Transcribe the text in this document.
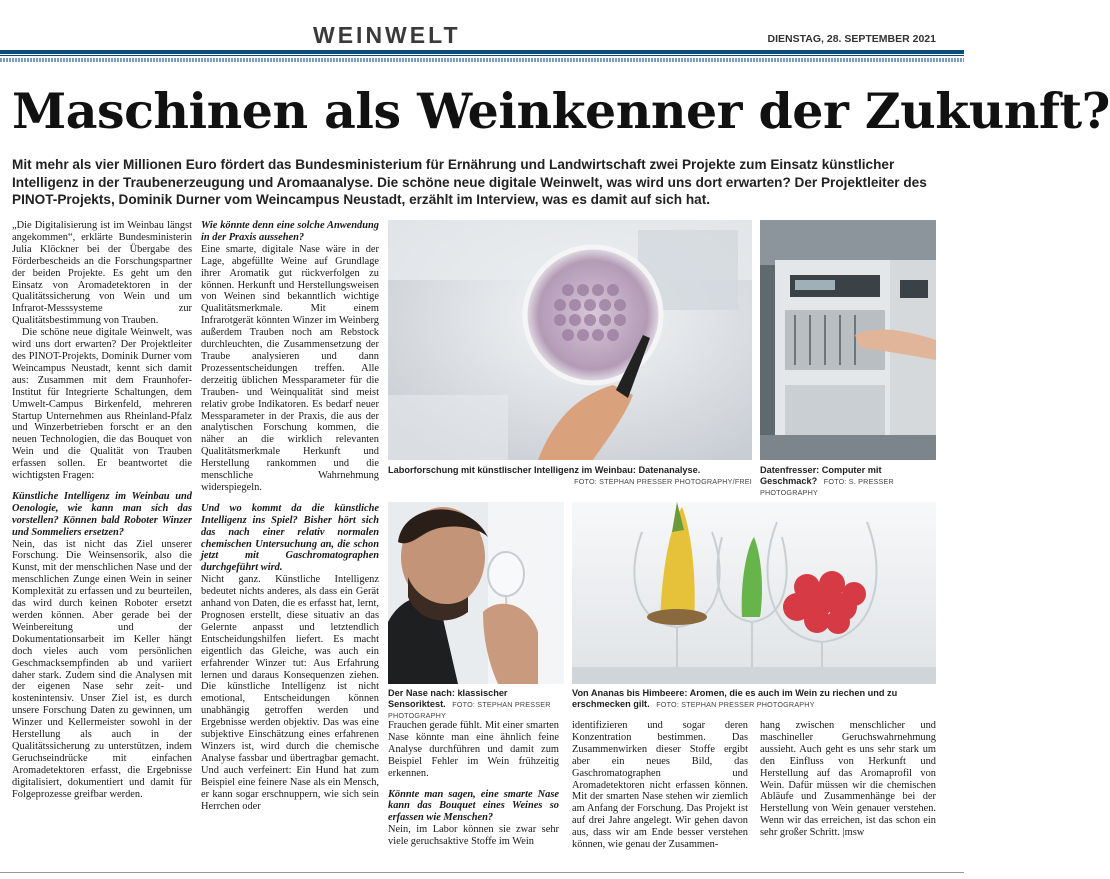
WEINWELT	DIENSTAG, 28. SEPTEMBER 2021
Maschinen als Weinkenner der Zukunft?
Mit mehr als vier Millionen Euro fördert das Bundesministerium für Ernährung und Landwirtschaft zwei Projekte zum Einsatz künstlicher Intelligenz in der Traubenerzeugung und Aromaanalyse. Die schöne neue digitale Weinwelt, was wird uns dort erwarten? Der Projektleiter des PINOT-Projekts, Dominik Durner vom Weincampus Neustadt, erzählt im Interview, was es damit auf sich hat.

„Die Digitalisierung ist im Weinbau längst angekommen“, erklärte Bundesministerin Julia Klöckner bei der Übergabe des Förderbescheids an die Forschungspartner der beiden Projekte. Es geht um den Einsatz von Aromadetektoren in der Qualitätssicherung von Wein und um Infrarot-Messsysteme zur Qualitätsbestimmung von Trauben.

Die schöne neue digitale Weinwelt, was wird uns dort erwarten? Der Projektleiter des PINOT-Projekts, Dominik Durner vom Weincampus Neustadt, kennt sich damit aus: Zusammen mit dem Fraunhofer-Institut für Integrierte Schaltungen, dem Umwelt-Campus Birkenfeld, mehreren Startup Unternehmen aus Rheinland-Pfalz und Winzerbetrieben forscht er an den neuen Technologien, die das Bouquet von Wein und die Qualität von Trauben erfassen sollen. Er beantwortet die wichtigsten Fragen:

Künstliche Intelligenz im Weinbau und Oenologie, wie kann man sich das vorstellen? Können bald Roboter Winzer und Sommeliers ersetzen?

Nein, das ist nicht das Ziel unserer Forschung. Die Weinsensorik, also die Kunst, mit der menschlichen Nase und der menschlichen Zunge einen Wein in seiner Komplexität zu erfassen und zu beurteilen, das wird durch keinen Roboter ersetzt werden können. Aber gerade bei der Weinbereitung und der Dokumentationsarbeit im Keller hängt doch vieles auch vom persönlichen Geschmacksempfinden ab und variiert daher stark. Zudem sind die Analysen mit der eigenen Nase sehr zeit- und kostenintensiv. Unser Ziel ist, es durch unsere Forschung Daten zu gewinnen, um Winzer und Kellermeister sowohl in der Herstellung als auch in der Qualitätssicherung zu unterstützen, indem Geruchseindrücke mit einfachen Aromadetektoren erfasst, die Ergebnisse digitalisiert, dokumentiert und damit für Folgeprozesse greifbar werden.

Wie könnte denn eine solche Anwendung in der Praxis aussehen?

Eine smarte, digitale Nase wäre in der Lage, abgefüllte Weine auf Grundlage ihrer Aromatik gut rückverfolgen zu können. Herkunft und Herstellungsweisen von Weinen sind bekanntlich wichtige Qualitätsmerkmale. Mit einem Infrarotgerät könnten Winzer im Weinberg außerdem Trauben noch am Rebstock durchleuchten, die Zusammensetzung der Traube analysieren und dann Prozessentscheidungen treffen. Alle derzeitig üblichen Messparameter für die Trauben- und Weinqualität sind meist relativ grobe Indikatoren. Es bedarf neuer Messparameter in der Praxis, die aus der analytischen Forschung kommen, die näher an die wirklich relevanten Qualitätsmerkmale Herkunft und Herstellung rankommen und die menschliche Wahrnehmung widerspiegeln.

Und wo kommt da die künstliche Intelligenz ins Spiel? Bisher hört sich das nach einer relativ normalen chemischen Untersuchung an, die schon jetzt mit Gaschromatographen durchgeführt wird.

Nicht ganz. Künstliche Intelligenz bedeutet nichts anderes, als dass ein Gerät anhand von Daten, die es erfasst hat, lernt, Prognosen erstellt, diese situativ an das Gelernte anpasst und letztendlich Entscheidungshilfen liefert. Es macht eigentlich das Gleiche, was auch ein erfahrender Winzer tut: Aus Erfahrung lernen und daraus Konsequenzen ziehen. Die künstliche Intelligenz ist nicht emotional, Entscheidungen können unabhängig getroffen werden und Ergebnisse werden objektiv. Das was eine subjektive Einschätzung eines erfahrenen Winzers ist, wird durch die chemische Analyse fassbar und übertragbar gemacht. Und auch verfeinert: Ein Hund hat zum Beispiel eine feinere Nase als ein Mensch, er kann sogar erschnuppern, wie sich sein Herrchen oder

Laborforschung mit künstlischer Intelligenz im Weinbau: Datenanalyse.
FOTO: STEPHAN PRESSER PHOTOGRAPHY/FREI
Datenfresser: Computer mit Geschmack? FOTO: S. PRESSER PHOTOGRAPHY

Frauchen gerade fühlt. Mit einer smarten Nase könnte man eine ähnlich feine Analyse durchführen und damit zum Beispiel Fehler im Wein frühzeitig erkennen.

Könnte man sagen, eine smarte Nase kann das Bouquet eines Weines so erfassen wie Menschen?

Nein, im Labor können sie zwar sehr viele geruchsaktive Stoffe im Wein

identifizieren und sogar deren Konzentration bestimmen. Das Zusammenwirken dieser Stoffe ergibt aber ein neues Bild, das Gaschromatographen und Aromadetektoren nicht erfassen können. Mit der smarten Nase stehen wir ziemlich am Anfang der Forschung. Das Projekt ist auf drei Jahre angelegt. Wir gehen davon aus, dass wir am Ende besser verstehen können, wie genau der Zusammen-

hang zwischen menschlicher und maschineller Geruchswahrnehmung aussieht. Auch geht es uns sehr stark um den Einfluss von Herkunft und Herstellung auf das Aromaprofil von Wein. Dafür müssen wir die chemischen Abläufe und Zusammenhänge bei der Herstellung von Wein genauer verstehen. Wenn wir das erreichen, ist das schon ein sehr großer Schritt. |msw

Der Nase nach: klassischer Sensoriktest. FOTO: STEPHAN PRESSER PHOTOGRAPHY
Von Ananas bis Himbeere: Aromen, die es auch im Wein zu riechen und zu erschmecken gilt. FOTO: STEPHAN PRESSER PHOTOGRAPHY
